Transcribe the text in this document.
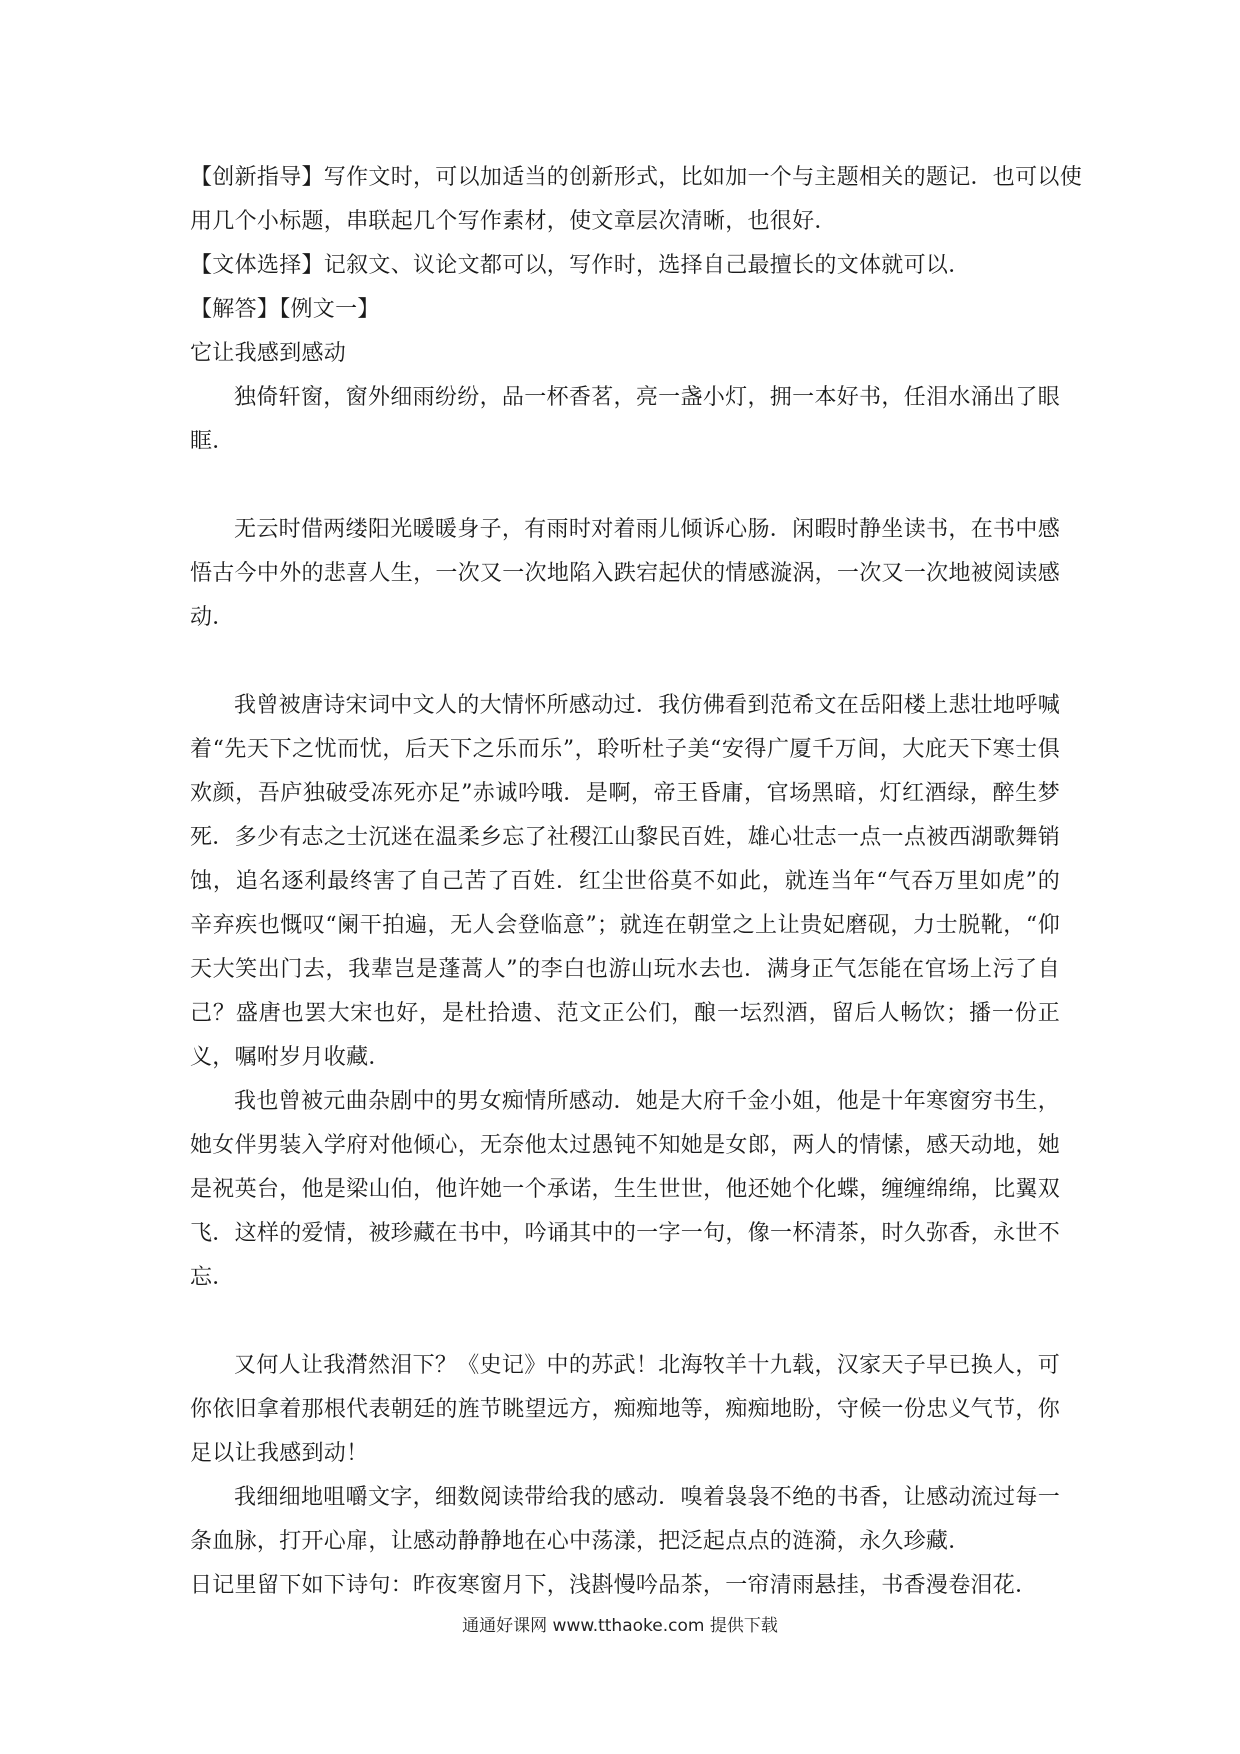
【创新指导】写作文时，可以加适当的创新形式，比如加一个与主题相关的题记．也可以使

用几个小标题，串联起几个写作素材，使文章层次清晰，也很好．

【文体选择】记叙文、议论文都可以，写作时，选择自己最擅长的文体就可以．

【解答】【例文一】

它让我感到感动

独倚轩窗，窗外细雨纷纷，品一杯香茗，亮一盏小灯，拥一本好书，任泪水涌出了眼眶．

无云时借两缕阳光暖暖身子，有雨时对着雨儿倾诉心肠．闲暇时静坐读书，在书中感悟古今中外的悲喜人生，一次又一次地陷入跌宕起伏的情感漩涡，一次又一次地被阅读感动．

我曾被唐诗宋词中文人的大情怀所感动过．我仿佛看到范希文在岳阳楼上悲壮地呼喊着“先天下之忧而忧，后天下之乐而乐”，聆听杜子美“安得广厦千万间，大庇天下寒士俱欢颜，吾庐独破受冻死亦足”赤诚吟哦．是啊，帝王昏庸，官场黑暗，灯红酒绿，醉生梦死．多少有志之士沉迷在温柔乡忘了社稷江山黎民百姓，雄心壮志一点一点被西湖歌舞销蚀，追名逐利最终害了自己苦了百姓．红尘世俗莫不如此，就连当年“气吞万里如虎”的辛弃疾也慨叹“阑干拍遍，无人会登临意”；就连在朝堂之上让贵妃磨砚，力士脱靴，“仰天大笑出门去，我辈岂是蓬蒿人”的李白也游山玩水去也．满身正气怎能在官场上污了自己？盛唐也罢大宋也好，是杜拾遗、范文正公们，酿一坛烈酒，留后人畅饮；播一份正义，嘱咐岁月收藏．

我也曾被元曲杂剧中的男女痴情所感动．她是大府千金小姐，他是十年寒窗穷书生，她女伴男装入学府对他倾心，无奈他太过愚钝不知她是女郎，两人的情愫，感天动地，她是祝英台，他是梁山伯，他许她一个承诺，生生世世，他还她个化蝶，缠缠绵绵，比翼双飞．这样的爱情，被珍藏在书中，吟诵其中的一字一句，像一杯清茶，时久弥香，永世不忘．

又何人让我潸然泪下？《史记》中的苏武！北海牧羊十九载，汉家天子早已换人，可你依旧拿着那根代表朝廷的旌节眺望远方，痴痴地等，痴痴地盼，守候一份忠义气节，你足以让我感到动！

我细细地咀嚼文字，细数阅读带给我的感动．嗅着袅袅不绝的书香，让感动流过每一条血脉，打开心扉，让感动静静地在心中荡漾，把泛起点点的涟漪，永久珍藏．

日记里留下如下诗句：昨夜寒窗月下，浅斟慢吟品茶，一帘清雨悬挂，书香漫卷泪花．

通通好课网 www.tthaoke.com 提供下载
